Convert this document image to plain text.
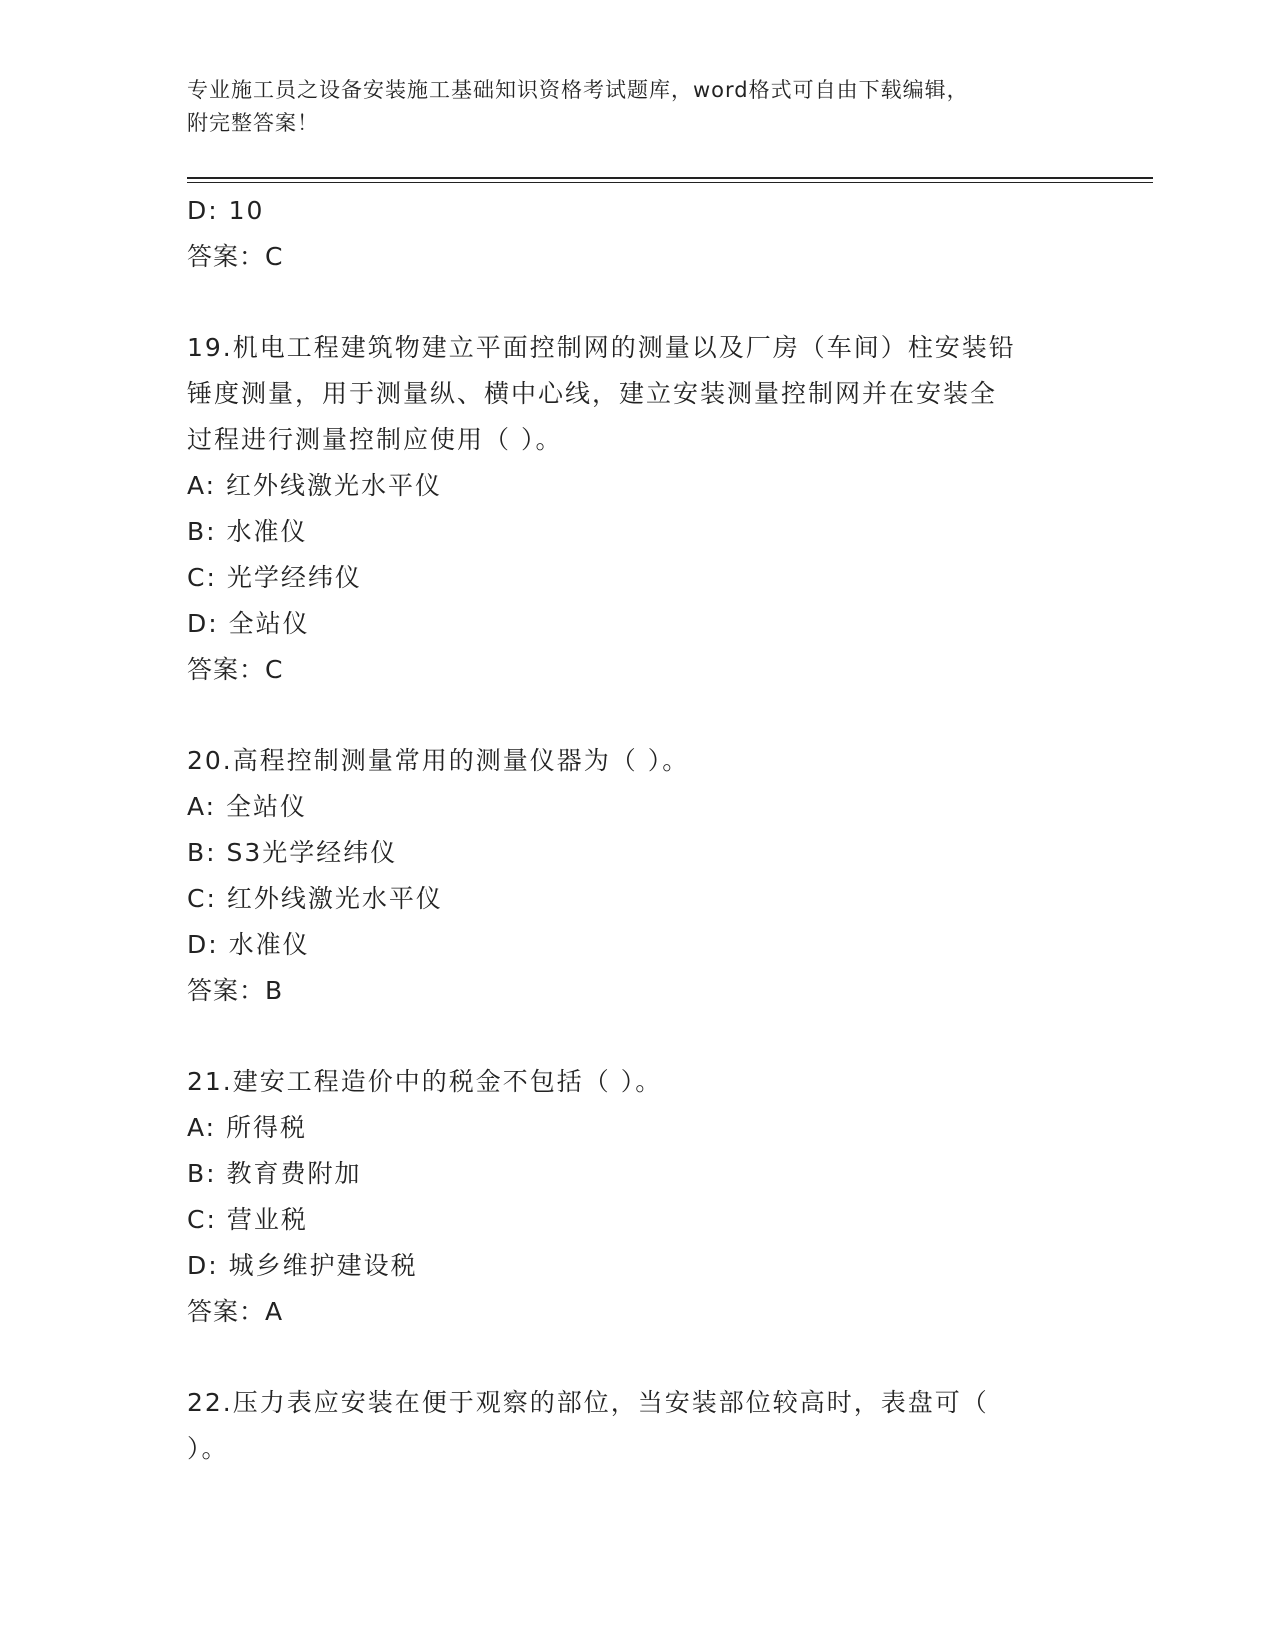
专业施工员之设备安装施工基础知识资格考试题库，word格式可自由下载编辑，
附完整答案！
D: 10
答案：C
19.机电工程建筑物建立平面控制网的测量以及厂房（车间）柱安装铅
锤度测量，用于测量纵、横中心线，建立安装测量控制网并在安装全
过程进行测量控制应使用（ ）。
A: 红外线激光水平仪
B: 水准仪
C: 光学经纬仪
D: 全站仪
答案：C
20.高程控制测量常用的测量仪器为（ ）。
A: 全站仪
B: S3光学经纬仪
C: 红外线激光水平仪
D: 水准仪
答案：B
21.建安工程造价中的税金不包括（ ）。
A: 所得税
B: 教育费附加
C: 营业税
D: 城乡维护建设税
答案：A
22.压力表应安装在便于观察的部位，当安装部位较高时，表盘可（
）。
